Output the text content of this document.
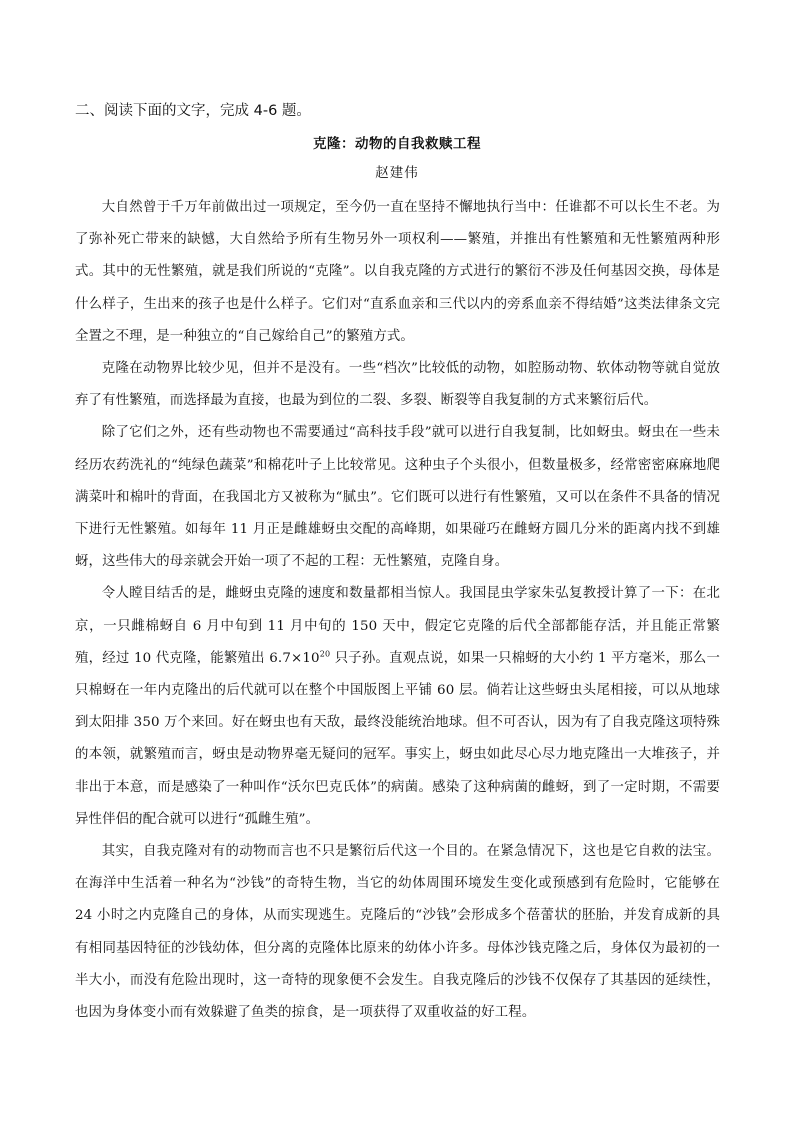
二、阅读下面的文字，完成 4-6 题。

克隆：动物的自我救赎工程

赵建伟

大自然曾于千万年前做出过一项规定，至今仍一直在坚持不懈地执行当中：任谁都不可以长生不老。为了弥补死亡带来的缺憾，大自然给予所有生物另外一项权利——繁殖，并推出有性繁殖和无性繁殖两种形式。其中的无性繁殖，就是我们所说的“克隆”。以自我克隆的方式进行的繁衍不涉及任何基因交换，母体是什么样子，生出来的孩子也是什么样子。它们对“直系血亲和三代以内的旁系血亲不得结婚”这类法律条文完全置之不理，是一种独立的“自己嫁给自己”的繁殖方式。

克隆在动物界比较少见，但并不是没有。一些“档次”比较低的动物，如腔肠动物、软体动物等就自觉放弃了有性繁殖，而选择最为直接，也最为到位的二裂、多裂、断裂等自我复制的方式来繁衍后代。

除了它们之外，还有些动物也不需要通过“高科技手段”就可以进行自我复制，比如蚜虫。蚜虫在一些未经历农药洗礼的“纯绿色蔬菜”和棉花叶子上比较常见。这种虫子个头很小，但数量极多，经常密密麻麻地爬满菜叶和棉叶的背面，在我国北方又被称为“腻虫”。它们既可以进行有性繁殖，又可以在条件不具备的情况下进行无性繁殖。如每年 11 月正是雌雄蚜虫交配的高峰期，如果碰巧在雌蚜方圆几分米的距离内找不到雄蚜，这些伟大的母亲就会开始一项了不起的工程：无性繁殖，克隆自身。

令人瞠目结舌的是，雌蚜虫克隆的速度和数量都相当惊人。我国昆虫学家朱弘复教授计算了一下：在北京，一只雌棉蚜自 6 月中旬到 11 月中旬的 150 天中，假定它克隆的后代全部都能存活，并且能正常繁殖，经过 10 代克隆，能繁殖出 $6.7\times 10^{20}$ 只子孙。直观点说，如果一只棉蚜的大小约 1 平方毫米，那么一只棉蚜在一年内克隆出的后代就可以在整个中国版图上平铺 60 层。倘若让这些蚜虫头尾相接，可以从地球到太阳排 350 万个来回。好在蚜虫也有天敌，最终没能统治地球。但不可否认，因为有了自我克隆这项特殊的本领，就繁殖而言，蚜虫是动物界毫无疑问的冠军。事实上，蚜虫如此尽心尽力地克隆出一大堆孩子，并非出于本意，而是感染了一种叫作“沃尔巴克氏体”的病菌。感染了这种病菌的雌蚜，到了一定时期，不需要异性伴侣的配合就可以进行“孤雌生殖”。

其实，自我克隆对有的动物而言也不只是繁衍后代这一个目的。在紧急情况下，这也是它自救的法宝。在海洋中生活着一种名为“沙钱”的奇特生物，当它的幼体周围环境发生变化或预感到有危险时，它能够在 24 小时之内克隆自己的身体，从而实现逃生。克隆后的“沙钱”会形成多个蓓蕾状的胚胎，并发育成新的具有相同基因特征的沙钱幼体，但分离的克隆体比原来的幼体小许多。母体沙钱克隆之后，身体仅为最初的一半大小，而没有危险出现时，这一奇特的现象便不会发生。自我克隆后的沙钱不仅保存了其基因的延续性，也因为身体变小而有效躲避了鱼类的掠食，是一项获得了双重收益的好工程。
